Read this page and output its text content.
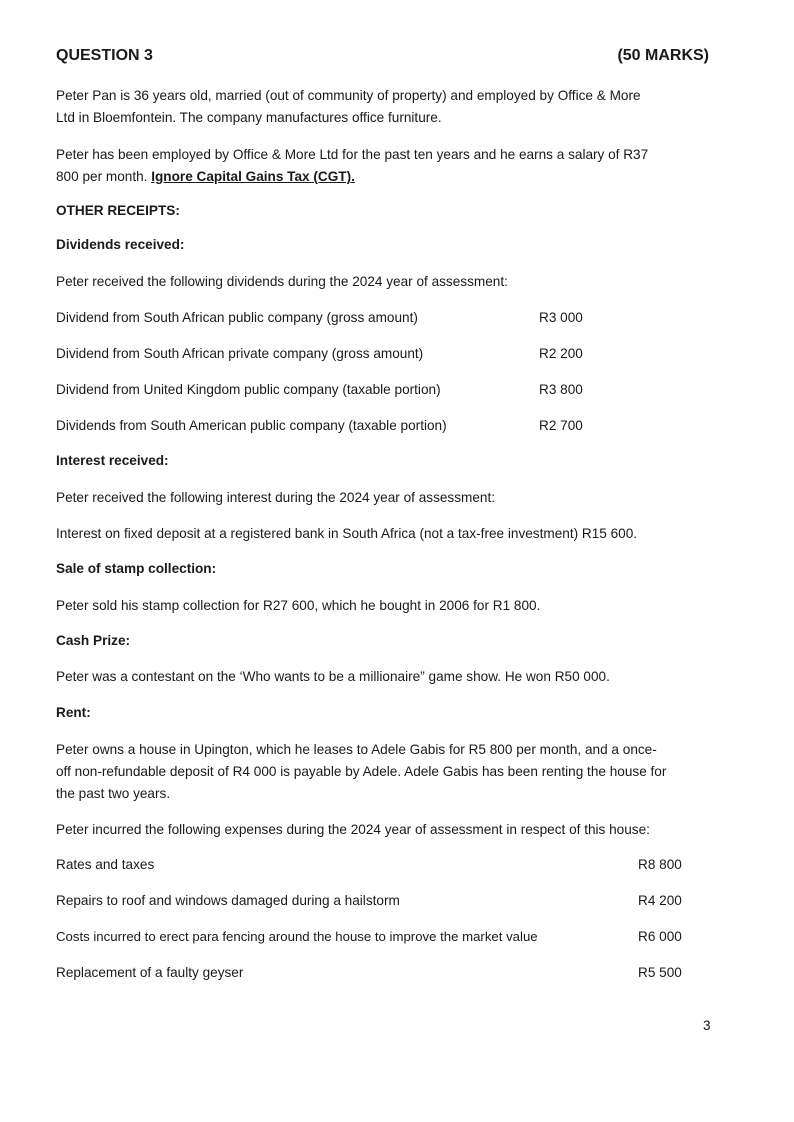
QUESTION 3	(50 MARKS)
Peter Pan is 36 years old, married (out of community of property) and employed by Office & More
Ltd in Bloemfontein. The company manufactures office furniture.
Peter has been employed by Office & More Ltd for the past ten years and he earns a salary of R37
800 per month. Ignore Capital Gains Tax (CGT).
OTHER RECEIPTS:
Dividends received:
Peter received the following dividends during the 2024 year of assessment:
Dividend from South African public company (gross amount)	R3 000
Dividend from South African private company (gross amount)	R2 200
Dividend from United Kingdom public company (taxable portion)	R3 800
Dividends from South American public company (taxable portion)	R2 700
Interest received:
Peter received the following interest during the 2024 year of assessment:
Interest on fixed deposit at a registered bank in South Africa (not a tax-free investment) R15 600.
Sale of stamp collection:
Peter sold his stamp collection for R27 600, which he bought in 2006 for R1 800.
Cash Prize:
Peter was a contestant on the ‘Who wants to be a millionaire” game show. He won R50 000.
Rent:
Peter owns a house in Upington, which he leases to Adele Gabis for R5 800 per month, and a once-
off non-refundable deposit of R4 000 is payable by Adele. Adele Gabis has been renting the house for
the past two years.
Peter incurred the following expenses during the 2024 year of assessment in respect of this house:
Rates and taxes	R8 800
Repairs to roof and windows damaged during a hailstorm	R4 200
Costs incurred to erect para fencing around the house to improve the market value	R6 000
Replacement of a faulty geyser	R5 500
3
